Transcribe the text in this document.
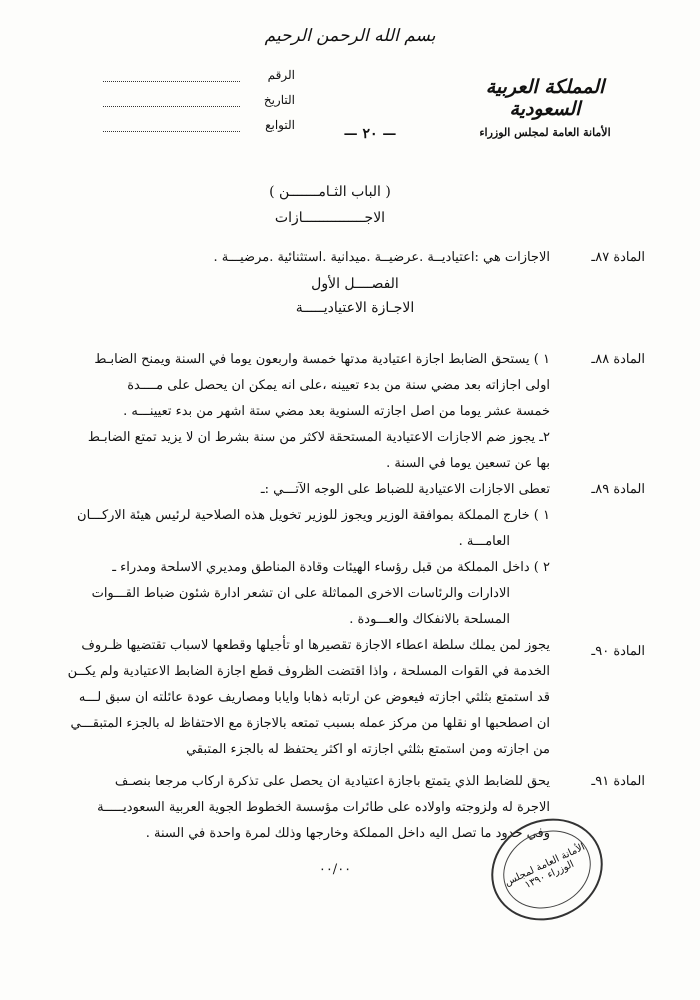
بسم الله الرحمن الرحيم
المملكة العربية السعودية
الأمانة العامة لمجلس الوزراء
الرقم
التاريخ
التوابع
— ٢٠ —
( الباب الثـامـــــــن )
الاجـــــــــــــــازات
المادة ٨٧ـ
الاجازات هي :اعتياديــة .عرضيــة .ميدانية .استثنائية .مرضيـــة .
الفصــــل الأول
الاجـازة الاعتياديـــــة
المادة ٨٨ـ
١ ) يستحق الضابط اجازة اعتيادية مدتها خمسة واربعون يوما في السنة ويمنح الضابـط
اولى اجازاته بعد مضي سنة من بدء تعيينه ،على انه يمكن ان يحصل على مــــدة
خمسة عشر يوما من اصل اجازته السنوية بعد مضي ستة اشهر من بدء تعيينـــه .
٢ـ يجوز ضم الاجازات الاعتيادية المستحقة لاكثر من سنة بشرط ان لا يزيد تمتع الضابـط
بها عن تسعين يوما في السنة .
المادة ٨٩ـ
تعطى الاجازات الاعتيادية للضباط على الوجه الآتـــي :ـ
١ ) خارج المملكة بموافقة الوزير ويجوز للوزير تخويل هذه الصلاحية لرئيس هيئة الاركـــان
العامـــة .
٢ ) داخل المملكة من قبل رؤساء الهيئات وقادة المناطق ومديري الاسلحة ومدراء ـ
الادارات والرئاسات الاخرى المماثلة على ان تشعر ادارة شئون ضباط القـــوات
المسلحة بالانفكاك والعـــودة .
المادة ٩٠ـ
يجوز لمن يملك سلطة اعطاء الاجازة تقصيرها او تأجيلها وقطعها لاسباب تقتضيها ظـروف
الخدمة في القوات المسلحة ، واذا اقتضت الظروف قطع اجازة الضابط الاعتيادية ولم يكــن
قد استمتع بثلثي اجازته فيعوض عن ارتابه ذهابا وايابا ومصاريف عودة عائلته ان سبق لـــه
ان اصطحبها او نقلها من مركز عمله بسبب تمتعه بالاجازة مع الاحتفاظ له بالجزء المتبقـــي
من اجازته ومن استمتع بثلثي اجازته او اكثر يحتفظ له بالجزء المتبقي
المادة ٩١ـ
يحق للضابط الذي يتمتع باجازة اعتيادية ان يحصل على تذكرة اركاب مرجعا بنصـف
الاجرة له ولزوجته واولاده على طائرات مؤسسة الخطوط الجوية العربية السعوديـــــة
وفي حدود ما تصل اليه داخل المملكة وخارجها وذلك لمرة واحدة في السنة .
٠٠/٠٠	الأمانة العامة لمجلس الوزراء ١٣٩٠
